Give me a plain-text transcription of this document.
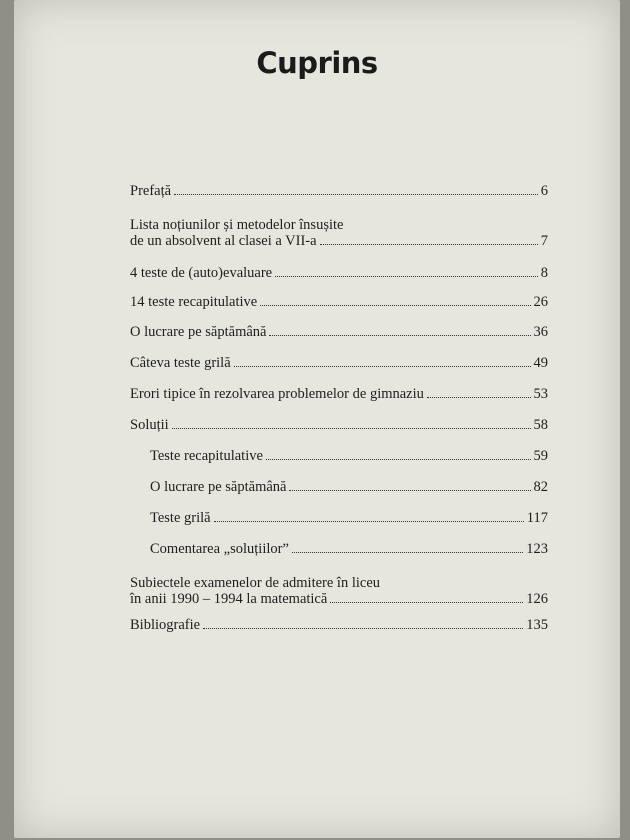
Cuprins
Prefață	6
Lista noțiunilor și metodelor însușite
de un absolvent al clasei a VII-a	7
4 teste de (auto)evaluare	8
14 teste recapitulative	26
O lucrare pe săptămână	36
Câteva teste grilă	49
Erori tipice în rezolvarea problemelor de gimnaziu	53
Soluții	58
Teste recapitulative	59
O lucrare pe săptămână	82
Teste grilă	117
Comentarea „soluțiilor”	123
Subiectele examenelor de admitere în liceu
în anii 1990 – 1994 la matematică	126
Bibliografie	135
